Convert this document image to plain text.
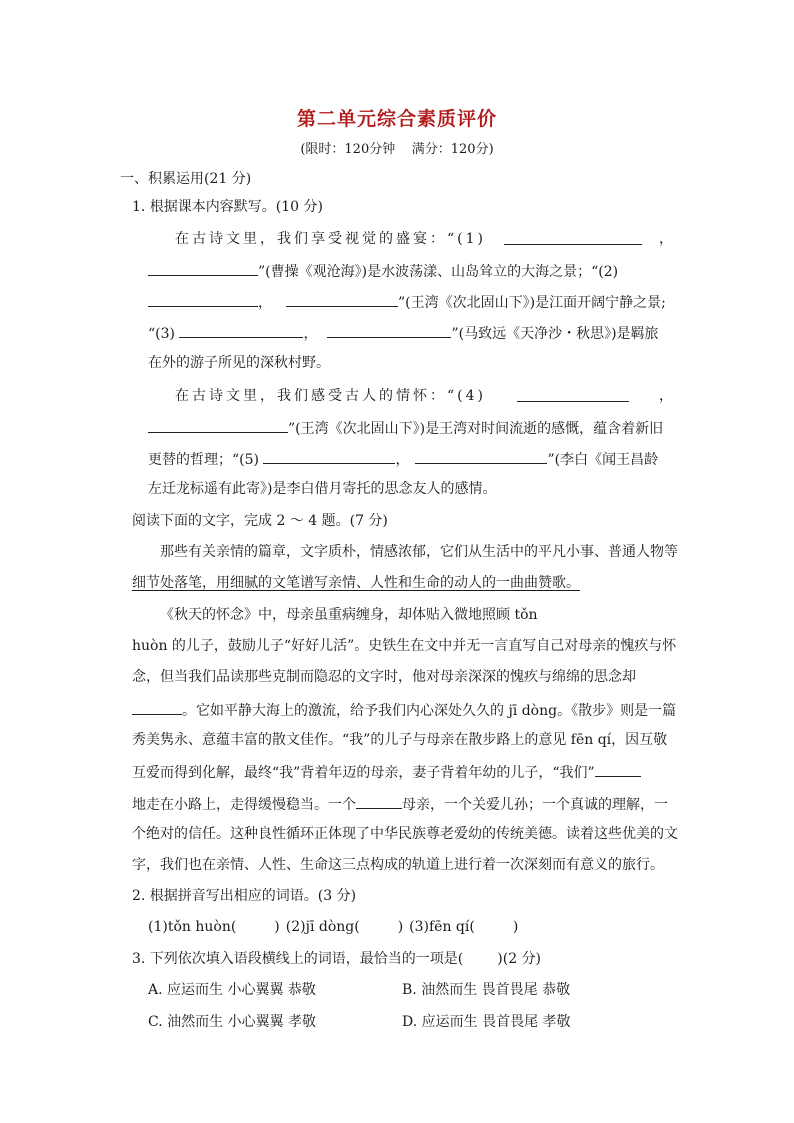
第二单元综合素质评价
(限时：120分钟    满分：120分)
一、积累运用(21 分)
1. 根据课本内容默写。(10 分)
在古诗文里，我们享受视觉的盛宴：“(1)	，
”(曹操《观沧海》)是水波荡漾、山岛耸立的大海之景；“(2)
，	”(王湾《次北固山下》)是江面开阔宁静之景;
“(3)	，	”(马致远《天净沙・秋思》)是羁旅
在外的游子所见的深秋村野。
在古诗文里，我们感受古人的情怀：“(4)	，
”(王湾《次北固山下》)是王湾对时间流逝的感慨，蕴含着新旧
更替的哲理；“(5)	，	”(李白《闻王昌龄
左迁龙标遥有此寄》)是李白借月寄托的思念友人的感情。
阅读下面的文字，完成 2 ～ 4 题。(7 分)
那些有关亲情的篇章，文字质朴，情感浓郁，它们从生活中的平凡小事、普通人物等
细节处落笔，用细腻的文笔谱写亲情、人性和生命的动人的一曲曲赞歌。
《秋天的怀念》中，母亲虽重病缠身，却体贴入微地照顾 tǒn
huòn 的儿子，鼓励儿子“好好儿活”。史铁生在文中并无一言直写自己对母亲的愧疚与怀
念，但当我们品读那些克制而隐忍的文字时，他对母亲深深的愧疚与绵绵的思念却
。它如平静大海上的激流，给予我们内心深处久久的 jī dòng。《散步》则是一篇
秀美隽永、意蕴丰富的散文佳作。“我”的儿子与母亲在散步路上的意见 fēn qí，因互敬
互爱而得到化解，最终“我”背着年迈的母亲，妻子背着年幼的儿子，“我们”
地走在小路上，走得缓慢稳当。一个	母亲，一个关爱儿孙；一个真诚的理解，一
个绝对的信任。这种良性循环正体现了中华民族尊老爱幼的传统美德。读着这些优美的文
字，我们也在亲情、人性、生命这三点构成的轨道上进行着一次深刻而有意义的旅行。
2. 根据拼音写出相应的词语。(3 分)
(1)tǒn huòn(	) (2)jī dòng(	) (3)fēn qí(	)
3. 下列依次填入语段横线上的词语，最恰当的一项是( )(2 分)
A. 应运而生 小心翼翼 恭敬	B. 油然而生 畏首畏尾 恭敬
C. 油然而生 小心翼翼 孝敬	D. 应运而生 畏首畏尾 孝敬
